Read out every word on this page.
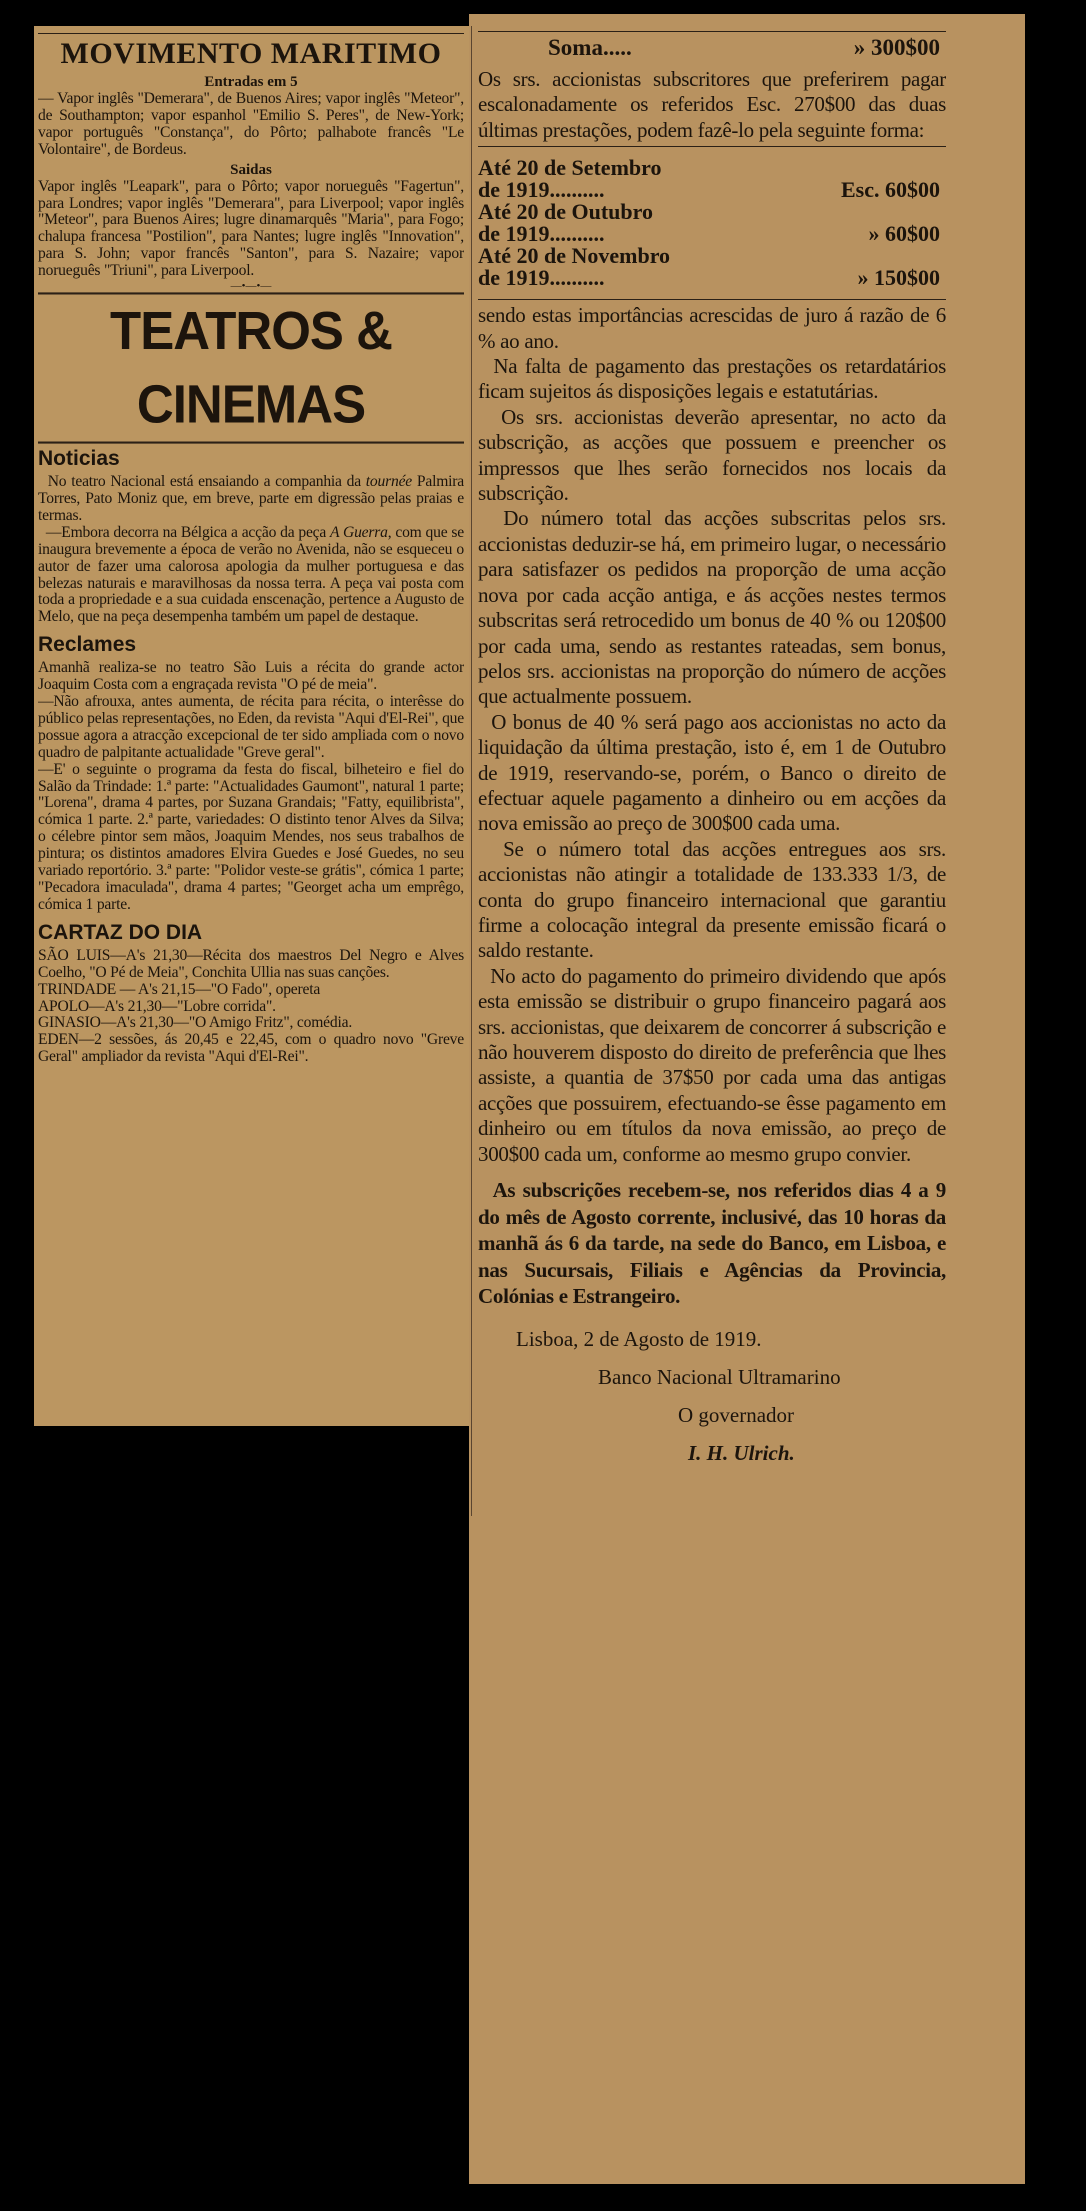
MOVIMENTO MARITIMO
Entradas em 5

— Vapor inglês "Demerara", de Buenos Aires; vapor inglês "Meteor", de Southampton; vapor espanhol "Emilio S. Peres", de New-York; vapor português "Constança", do Pôrto; palhabote francês "Le Volontaire", de Bordeus.

Saidas

Vapor inglês "Leapark", para o Pôrto; vapor norueguês "Fagertun", para Londres; vapor inglês "Demerara", para Liverpool; vapor inglês "Meteor", para Buenos Aires; lugre dinamarquês "Maria", para Fogo; chalupa francesa "Postilion", para Nantes; lugre inglês "Innovation", para S. John; vapor francês "Santon", para S. Nazaire; vapor norueguês "Triuni", para Liverpool.

—•—•—
TEATROS & CINEMAS
Noticias

No teatro Nacional está ensaiando a companhia da tournée Palmira Torres, Pato Moniz que, em breve, parte em digressão pelas praias e termas.

—Embora decorra na Bélgica a acção da peça A Guerra, com que se inaugura brevemente a época de verão no Avenida, não se esqueceu o autor de fazer uma calorosa apologia da mulher portuguesa e das belezas naturais e maravilhosas da nossa terra. A peça vai posta com toda a propriedade e a sua cuidada enscenação, pertence a Augusto de Melo, que na peça desempenha também um papel de destaque.

Reclames

Amanhã realiza-se no teatro São Luis a récita do grande actor Joaquim Costa com a engraçada revista "O pé de meia".

—Não afrouxa, antes aumenta, de récita para récita, o interêsse do público pelas representações, no Eden, da revista "Aqui d'El-Rei", que possue agora a atracção excepcional de ter sido ampliada com o novo quadro de palpitante actualidade "Greve geral".

—E' o seguinte o programa da festa do fiscal, bilheteiro e fiel do Salão da Trindade: 1.ª parte: "Actualidades Gaumont", natural 1 parte; "Lorena", drama 4 partes, por Suzana Grandais; "Fatty, equilibrista", cómica 1 parte. 2.ª parte, variedades: O distinto tenor Alves da Silva; o célebre pintor sem mãos, Joaquim Mendes, nos seus trabalhos de pintura; os distintos amadores Elvira Guedes e José Guedes, no seu variado reportório. 3.ª parte: "Polidor veste-se grátis", cómica 1 parte; "Pecadora imaculada", drama 4 partes; "Georget acha um emprêgo, cómica 1 parte.

CARTAZ DO DIA

SÃO LUIS—A's 21,30—Récita dos maestros Del Negro e Alves Coelho, "O Pé de Meia", Conchita Ullia nas suas canções.

TRINDADE — A's 21,15—"O Fado", opereta

APOLO—A's 21,30—"Lobre corrida".

GINASIO—A's 21,30—"O Amigo Fritz", comédia.

EDEN—2 sessões, ás 20,45 e 22,45, com o quadro novo "Greve Geral" ampliador da revista "Aqui d'El-Rei".

Soma.....	» 300$00

Os srs. accionistas subscritores que preferirem pagar escalonadamente os referidos Esc. 270$00 das duas últimas prestações, podem fazê-lo pela seguinte forma:

Até 20 de Setembro
de 1919..........	Esc. 60$00
Até 20 de Outubro
de 1919..........	» 60$00
Até 20 de Novembro
de 1919..........	» 150$00

sendo estas importâncias acrescidas de juro á razão de 6 % ao ano.

Na falta de pagamento das prestações os retardatários ficam sujeitos ás disposições legais e estatutárias.

Os srs. accionistas deverão apresentar, no acto da subscrição, as acções que possuem e preencher os impressos que lhes serão fornecidos nos locais da subscrição.

Do número total das acções subscritas pelos srs. accionistas deduzir-se há, em primeiro lugar, o necessário para satisfazer os pedidos na proporção de uma acção nova por cada acção antiga, e ás acções nestes termos subscritas será retrocedido um bonus de 40 % ou 120$00 por cada uma, sendo as restantes rateadas, sem bonus, pelos srs. accionistas na proporção do número de acções que actualmente possuem.

O bonus de 40 % será pago aos accionistas no acto da liquidação da última prestação, isto é, em 1 de Outubro de 1919, reservando-se, porém, o Banco o direito de efectuar aquele pagamento a dinheiro ou em acções da nova emissão ao preço de 300$00 cada uma.

Se o número total das acções entregues aos srs. accionistas não atingir a totalidade de 133.333 1/3, de conta do grupo financeiro internacional que garantiu firme a colocação integral da presente emissão ficará o saldo restante.

No acto do pagamento do primeiro dividendo que após esta emissão se distribuir o grupo financeiro pagará aos srs. accionistas, que deixarem de concorrer á subscrição e não houverem disposto do direito de preferência que lhes assiste, a quantia de 37$50 por cada uma das antigas acções que possuirem, efectuando-se êsse pagamento em dinheiro ou em títulos da nova emissão, ao preço de 300$00 cada um, conforme ao mesmo grupo convier.

As subscrições recebem-se, nos referidos dias 4 a 9 do mês de Agosto corrente, inclusivé, das 10 horas da manhã ás 6 da tarde, na sede do Banco, em Lisboa, e nas Sucursais, Filiais e Agências da Provincia, Colónias e Estrangeiro.

Lisboa, 2 de Agosto de 1919.

Banco Nacional Ultramarino

O governador

I. H. Ulrich.
